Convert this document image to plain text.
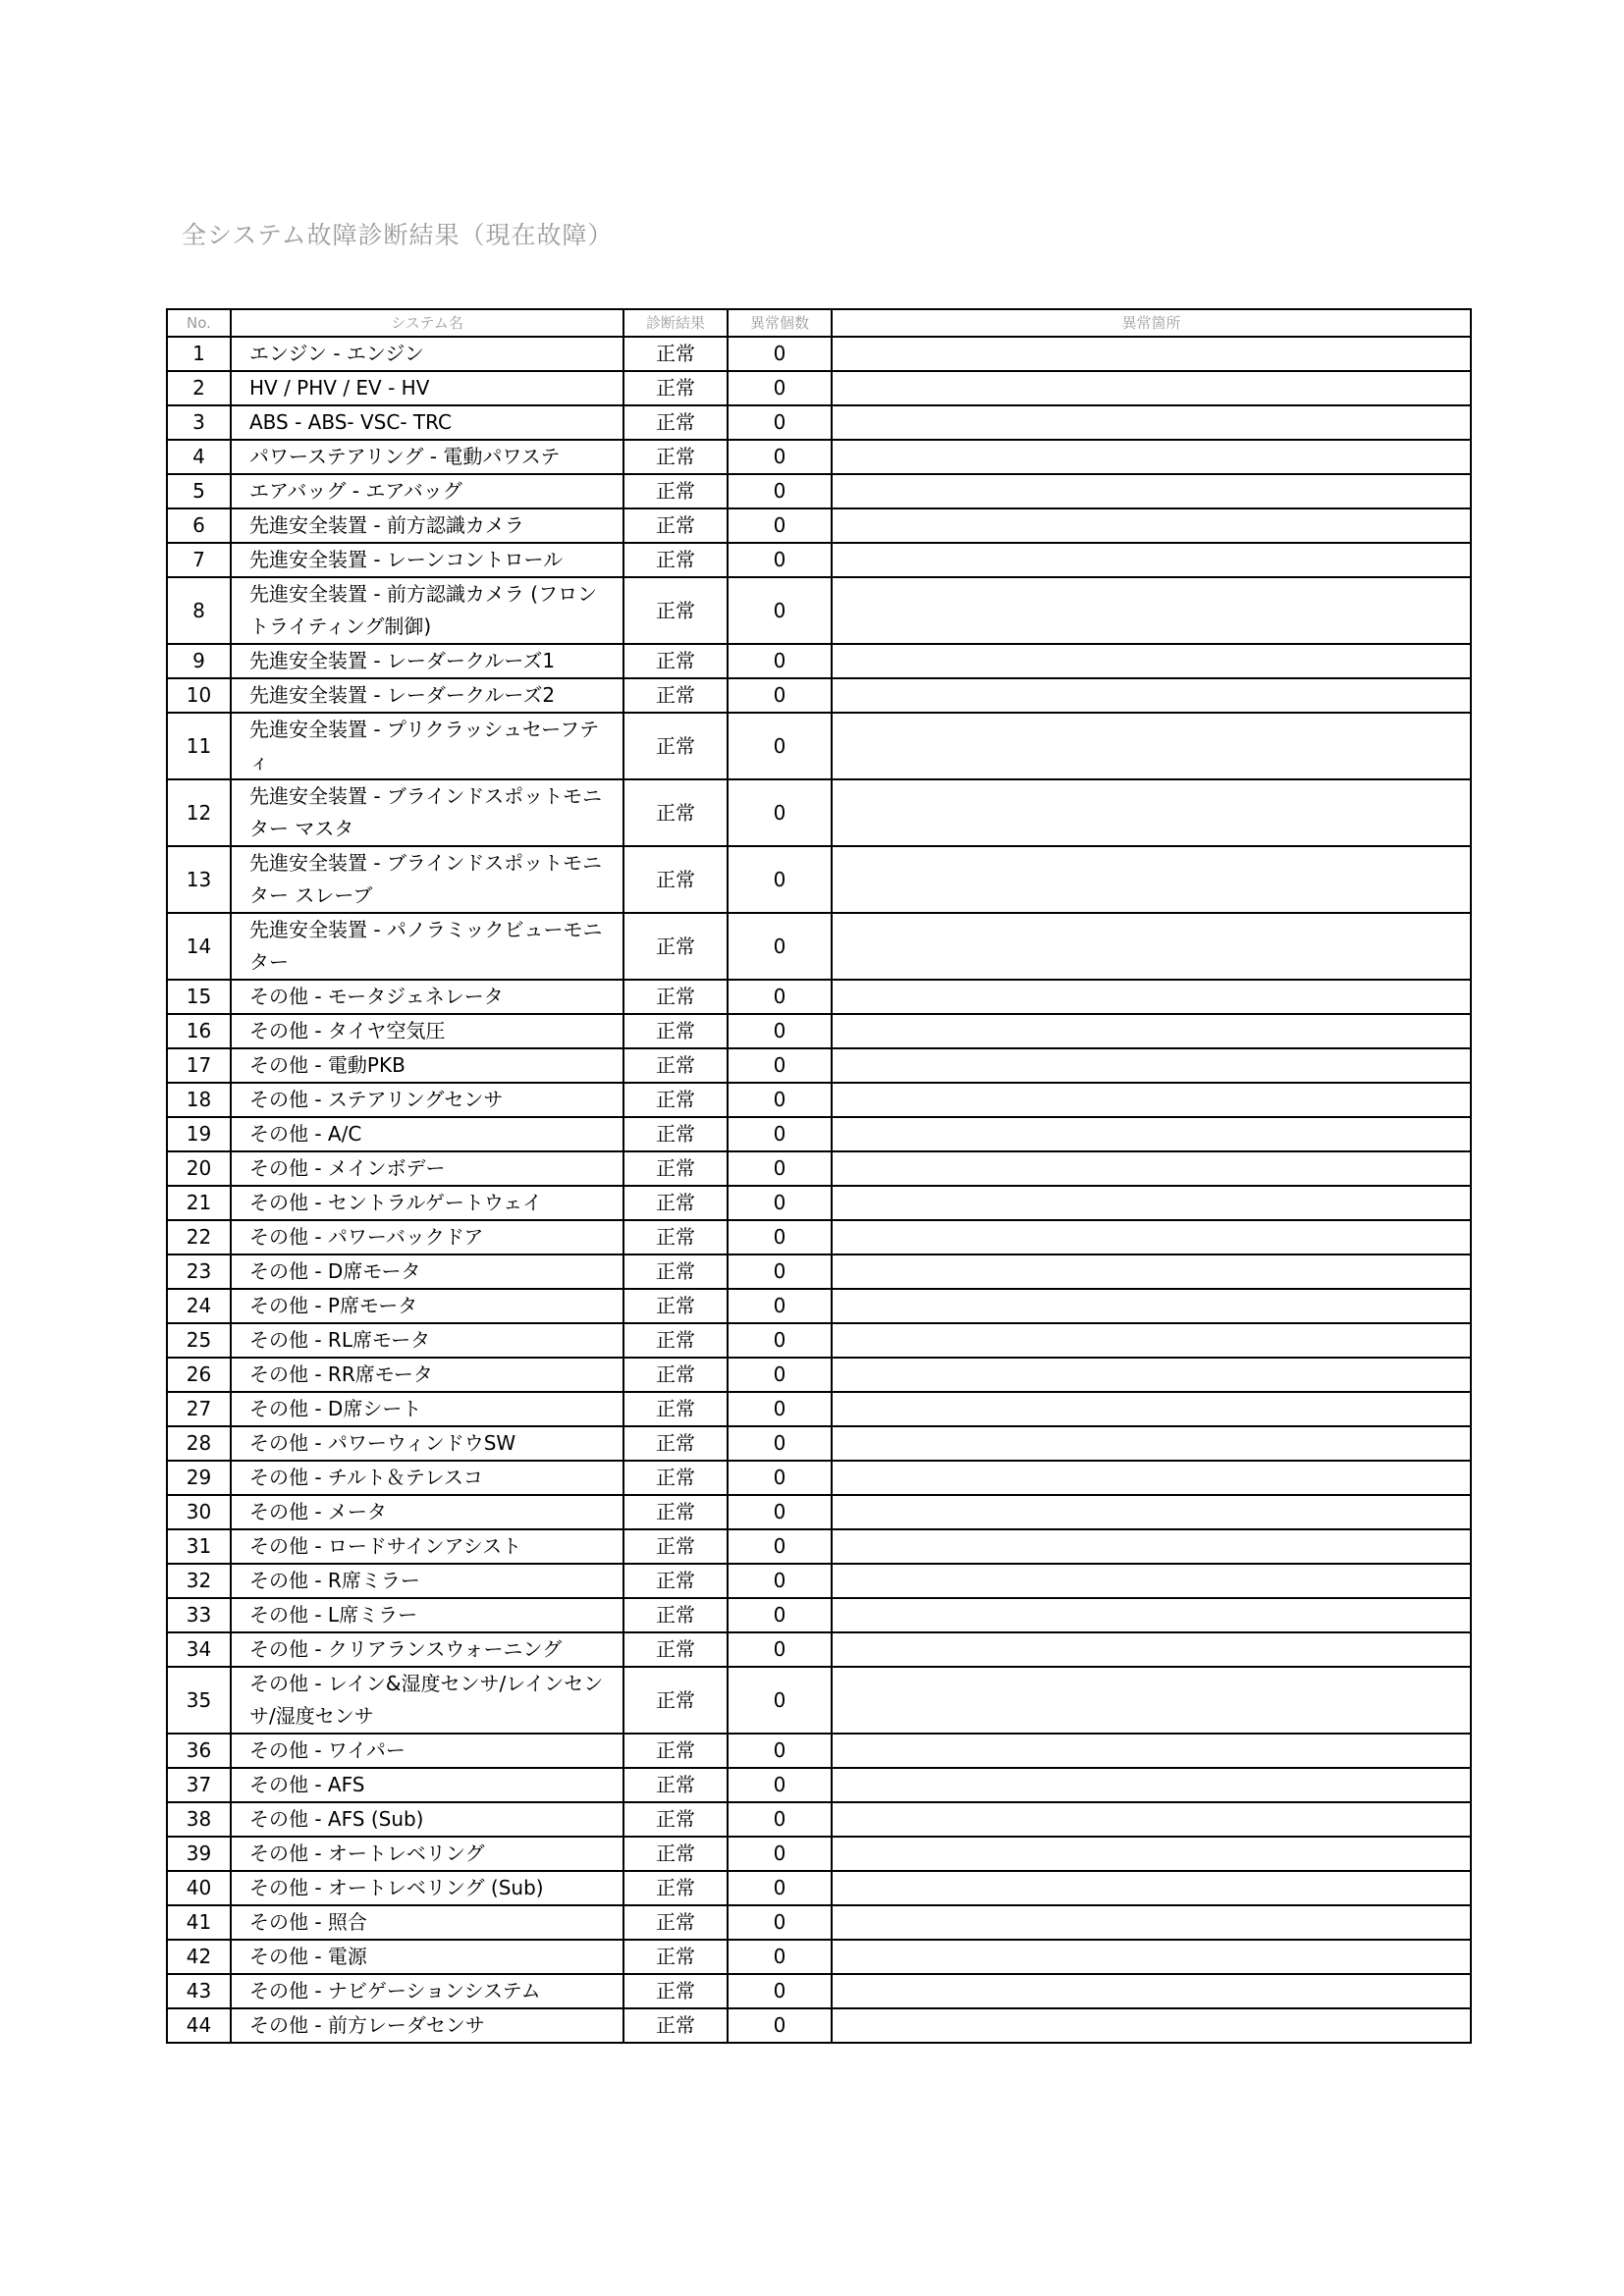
全システム故障診断結果（現在故障）
No.	システム名	診断結果	異常個数	異常箇所
1	エンジン - エンジン	正常	0	
2	HV / PHV / EV - HV	正常	0	
3	ABS - ABS- VSC- TRC	正常	0	
4	パワーステアリング - 電動パワステ	正常	0	
5	エアバッグ - エアバッグ	正常	0	
6	先進安全装置 - 前方認識カメラ	正常	0	
7	先進安全装置 - レーンコントロール	正常	0	
8	先進安全装置 - 前方認識カメラ (フロントライティング制御)	正常	0	
9	先進安全装置 - レーダークルーズ1	正常	0	
10	先進安全装置 - レーダークルーズ2	正常	0	
11	先進安全装置 - プリクラッシュセーフティ	正常	0	
12	先進安全装置 - ブラインドスポットモニター マスタ	正常	0	
13	先進安全装置 - ブラインドスポットモニター スレーブ	正常	0	
14	先進安全装置 - パノラミックビューモニター	正常	0	
15	その他 - モータジェネレータ	正常	0	
16	その他 - タイヤ空気圧	正常	0	
17	その他 - 電動PKB	正常	0	
18	その他 - ステアリングセンサ	正常	0	
19	その他 - A/C	正常	0	
20	その他 - メインボデー	正常	0	
21	その他 - セントラルゲートウェイ	正常	0	
22	その他 - パワーバックドア	正常	0	
23	その他 - D席モータ	正常	0	
24	その他 - P席モータ	正常	0	
25	その他 - RL席モータ	正常	0	
26	その他 - RR席モータ	正常	0	
27	その他 - D席シート	正常	0	
28	その他 - パワーウィンドウSW	正常	0	
29	その他 - チルト＆テレスコ	正常	0	
30	その他 - メータ	正常	0	
31	その他 - ロードサインアシスト	正常	0	
32	その他 - R席ミラー	正常	0	
33	その他 - L席ミラー	正常	0	
34	その他 - クリアランスウォーニング	正常	0	
35	その他 - レイン&湿度センサ/レインセンサ/湿度センサ	正常	0	
36	その他 - ワイパー	正常	0	
37	その他 - AFS	正常	0	
38	その他 - AFS (Sub)	正常	0	
39	その他 - オートレベリング	正常	0	
40	その他 - オートレベリング (Sub)	正常	0	
41	その他 - 照合	正常	0	
42	その他 - 電源	正常	0	
43	その他 - ナビゲーションシステム	正常	0	
44	その他 - 前方レーダセンサ	正常	0	
